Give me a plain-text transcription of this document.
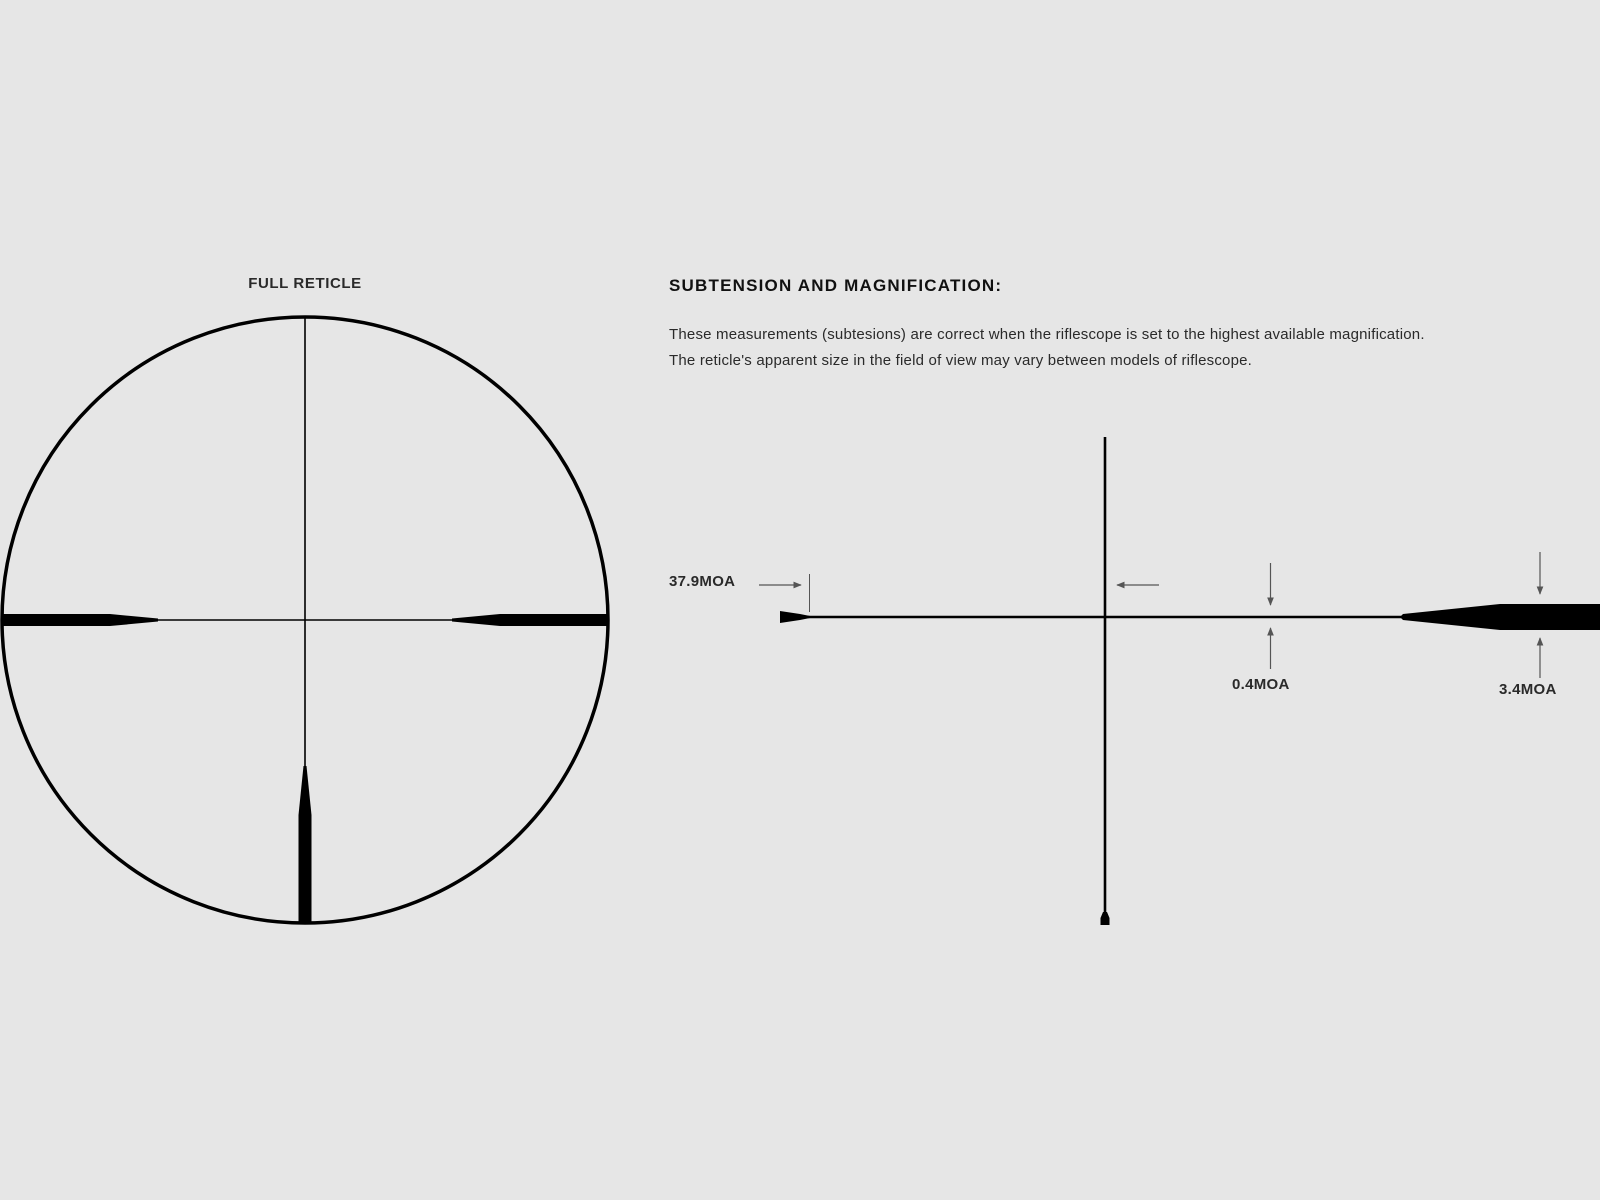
FULL RETICLE	SUBTENSION AND MAGNIFICATION:
These measurements (subtesions) are correct when the riflescope is set to the highest available magnification.
The reticle's apparent size in the field of view may vary between models of riflescope.
37.9MOA
0.4MOA	3.4MOA
